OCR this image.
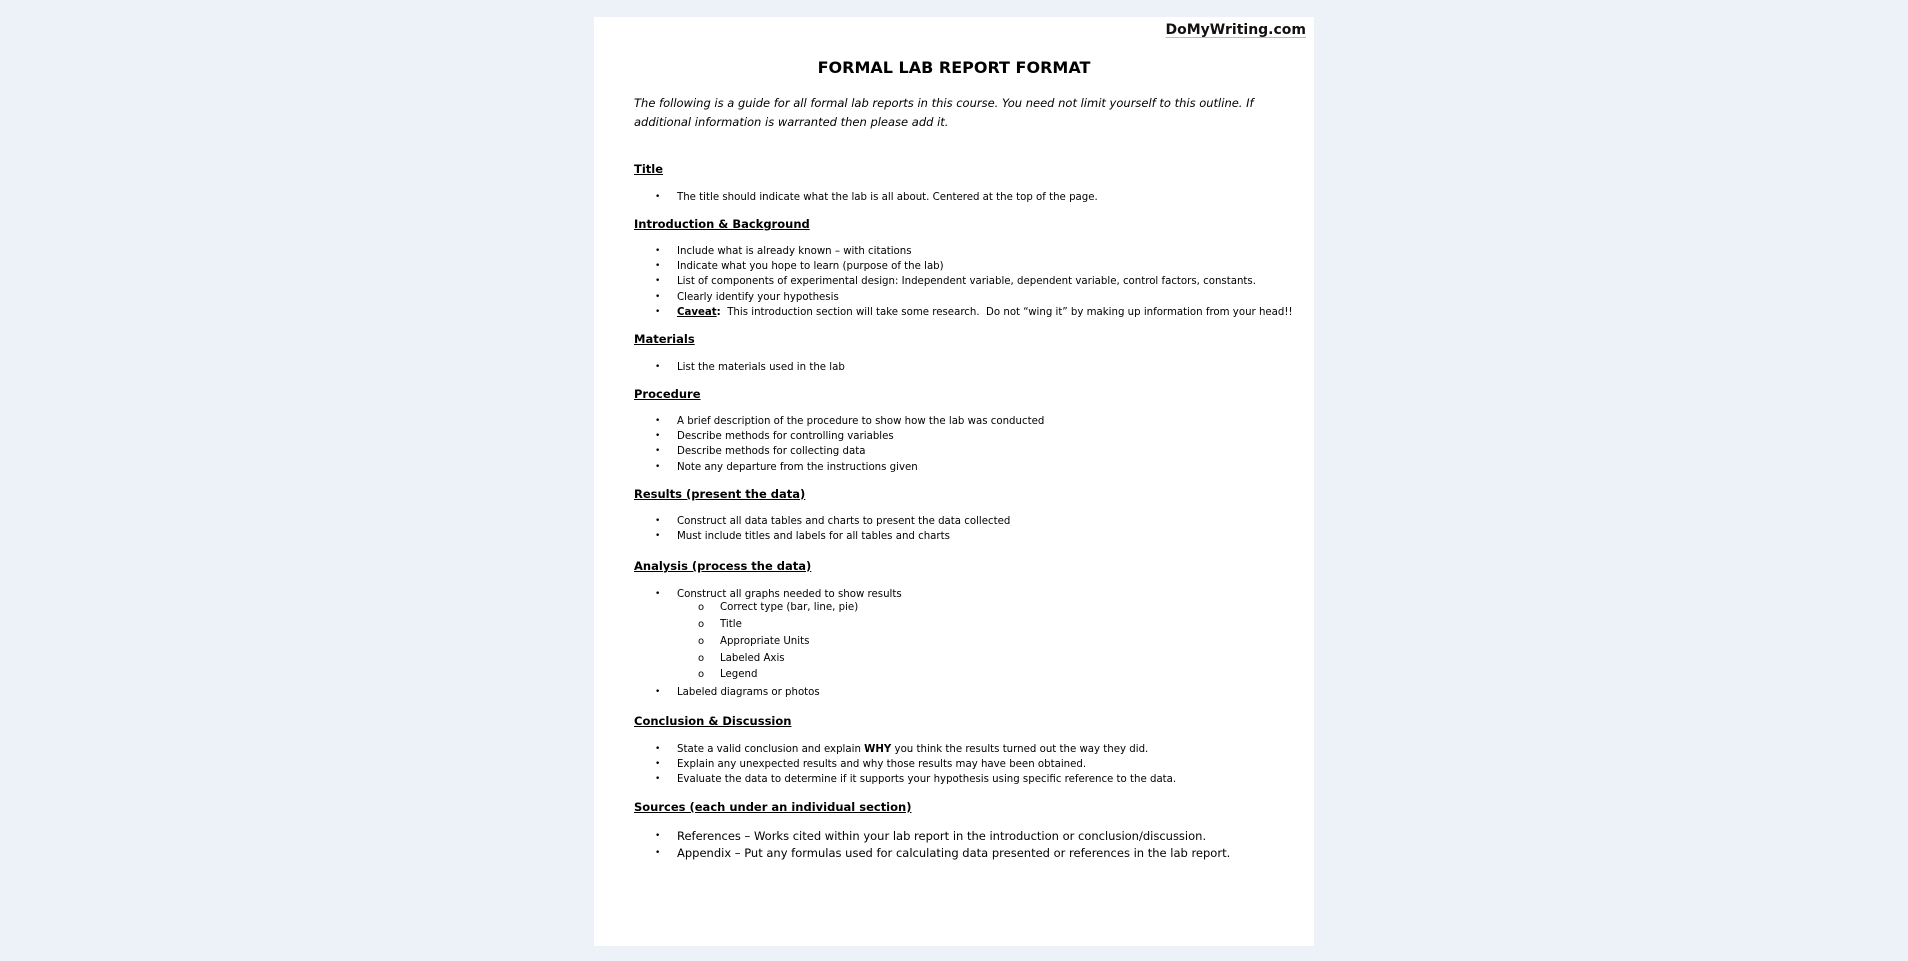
DoMyWriting.com
FORMAL LAB REPORT FORMAT
The following is a guide for all formal lab reports in this course. You need not limit yourself to this outline. If additional information is warranted then please add it.
Title
• The title should indicate what the lab is all about. Centered at the top of the page.
Introduction & Background
• Include what is already known – with citations
• Indicate what you hope to learn (purpose of the lab)
• List of components of experimental design: Independent variable, dependent variable, control factors, constants.
• Clearly identify your hypothesis
• Caveat:  This introduction section will take some research.  Do not “wing it” by making up information from your head!!
Materials
• List the materials used in the lab
Procedure
• A brief description of the procedure to show how the lab was conducted
• Describe methods for controlling variables
• Describe methods for collecting data
• Note any departure from the instructions given
Results (present the data)
• Construct all data tables and charts to present the data collected
• Must include titles and labels for all tables and charts
Analysis (process the data)
• Construct all graphs needed to show results
o Correct type (bar, line, pie)
o Title
o Appropriate Units
o Labeled Axis
o Legend
• Labeled diagrams or photos
Conclusion & Discussion
• State a valid conclusion and explain WHY you think the results turned out the way they did.
• Explain any unexpected results and why those results may have been obtained.
• Evaluate the data to determine if it supports your hypothesis using specific reference to the data.
Sources (each under an individual section)
• References – Works cited within your lab report in the introduction or conclusion/discussion.
• Appendix – Put any formulas used for calculating data presented or references in the lab report.
